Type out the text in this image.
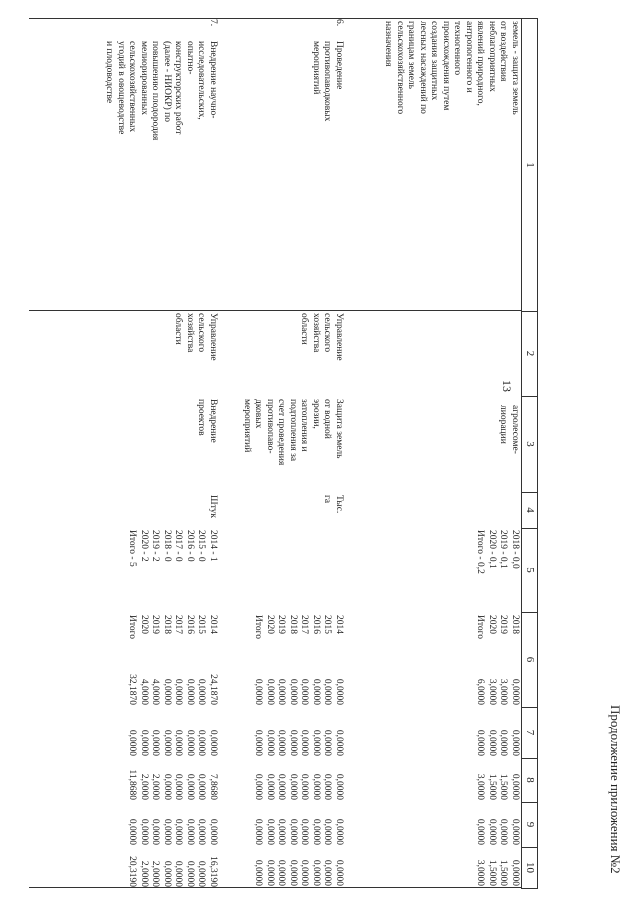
13
Продолжение приложения №2
1
2
3
4
5
6
7
8
9
10
земель - защита земель
от воздействия
неблагоприятных
явлений природного,
антропогенного и
техногенного
происхождения путем
создания защитных
лесных насаждений по
границам земель
сельскохозяйственного
назначения
агролесоме-
лиорации
2018 - 0,0
2019 - 0,1
2020 - 0,1
Итого - 0,2
2018
2019
2020
Итого
0,0000
3,0000
3,0000
6,0000
0,0000
0,0000
0,0000
0,0000
0,0000
1,5000
1,5000
3,0000
0,0000
0,0000
0,0000
0,0000
0,0000
1,5000
1,5000
3,0000
6.
Проведение
противопаводковых
мероприятий
Управление
сельского
хозяйства
области
Защита земель
от водной
эрозии,
затопления и
подтопления за
счет проведения
противопаво-
дковых
мероприятий
Тыс.
га
2014
2015
2016
2017
2018
2019
2020
Итого
0,0000
0,0000
0,0000
0,0000
0,0000
0,0000
0,0000
0,0000
0,0000
0,0000
0,0000
0,0000
0,0000
0,0000
0,0000
0,0000
0,0000
0,0000
0,0000
0,0000
0,0000
0,0000
0,0000
0,0000
0,0000
0,0000
0,0000
0,0000
0,0000
0,0000
0,0000
0,0000
0,0000
0,0000
0,0000
0,0000
0,0000
0,0000
0,0000
0,0000
7.
Внедрение научно-
исследовательских,
опытно-
конструкторских работ
(далее - НИОКР) по
повышению плодородия
мелиорированных
сельскохозяйственных
угодий в овощеводстве
и плодоводстве
Управление
сельского
хозяйства
области
Внедрение
проектов
Штук
2014 - 1
2015 - 0
2016 - 0
2017 - 0
2018 - 0
2019 - 2
2020 - 2
Итого - 5
2014
2015
2016
2017
2018
2019
2020
Итого
24,1870
0,0000
0,0000
0,0000
0,0000
4,0000
4,0000
32,1870
0,0000
0,0000
0,0000
0,0000
0,0000
0,0000
0,0000
0,0000
7,8680
0,0000
0,0000
0,0000
0,0000
2,0000
2,0000
11,8680
0,0000
0,0000
0,0000
0,0000
0,0000
0,0000
0,0000
0,0000
16,3190
0,0000
0,0000
0,0000
0,0000
2,0000
2,0000
20,3190
